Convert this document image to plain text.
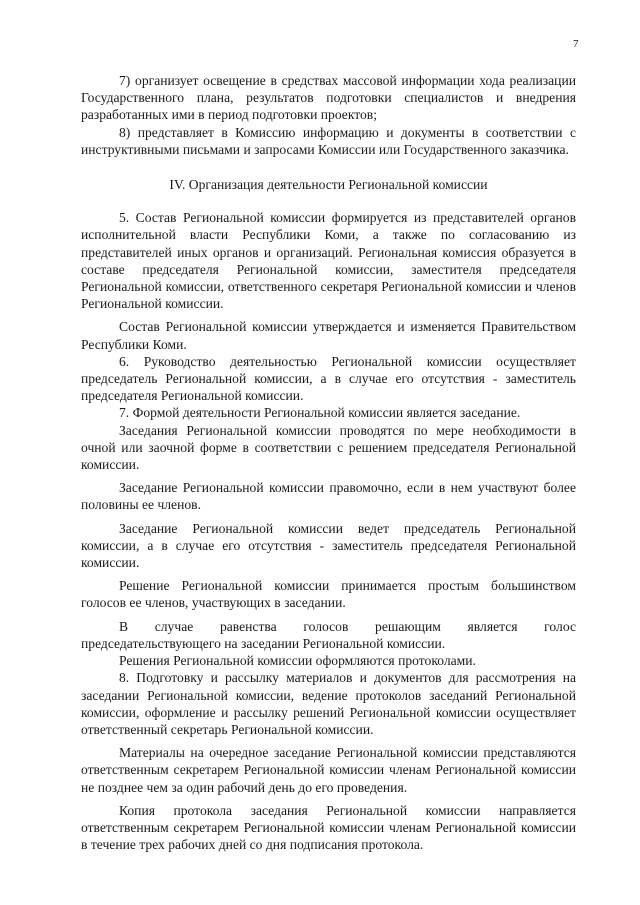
7

7) организует освещение в средствах массовой информации хода реализации Государственного плана, результатов подготовки специалистов и внедрения разработанных ими в период подготовки проектов;

8) представляет в Комиссию информацию и документы в соответствии с инструктивными письмами и запросами Комиссии или Государственного заказчика.

IV. Организация деятельности Региональной комиссии

5. Состав Региональной комиссии формируется из представителей органов исполнительной власти Республики Коми, а также по согласованию из представителей иных органов и организаций. Региональная комиссия образуется в составе председателя Региональной комиссии, заместителя председателя Региональной комиссии, ответственного секретаря Региональной комиссии и членов Региональной комиссии.

Состав Региональной комиссии утверждается и изменяется Правительством Республики Коми.

6. Руководство деятельностью Региональной комиссии осуществляет председатель Региональной комиссии, а в случае его отсутствия - заместитель председателя Региональной комиссии.

7. Формой деятельности Региональной комиссии является заседание.

Заседания Региональной комиссии проводятся по мере необходимости в очной или заочной форме в соответствии с решением председателя Региональной комиссии.

Заседание Региональной комиссии правомочно, если в нем участвуют более половины ее членов.

Заседание Региональной комиссии ведет председатель Региональной комиссии, а в случае его отсутствия - заместитель председателя Региональной комиссии.

Решение Региональной комиссии принимается простым большинством голосов ее членов, участвующих в заседании.

В случае равенства голосов решающим является голос председательствующего на заседании Региональной комиссии.

Решения Региональной комиссии оформляются протоколами.

8. Подготовку и рассылку материалов и документов для рассмотрения на заседании Региональной комиссии, ведение протоколов заседаний Региональной комиссии, оформление и рассылку решений Региональной комиссии осуществляет ответственный секретарь Региональной комиссии.

Материалы на очередное заседание Региональной комиссии представляются ответственным секретарем Региональной комиссии членам Региональной комиссии не позднее чем за один рабочий день до его проведения.

Копия протокола заседания Региональной комиссии направляется ответственным секретарем Региональной комиссии членам Региональной комиссии в течение трех рабочих дней со дня подписания протокола.
